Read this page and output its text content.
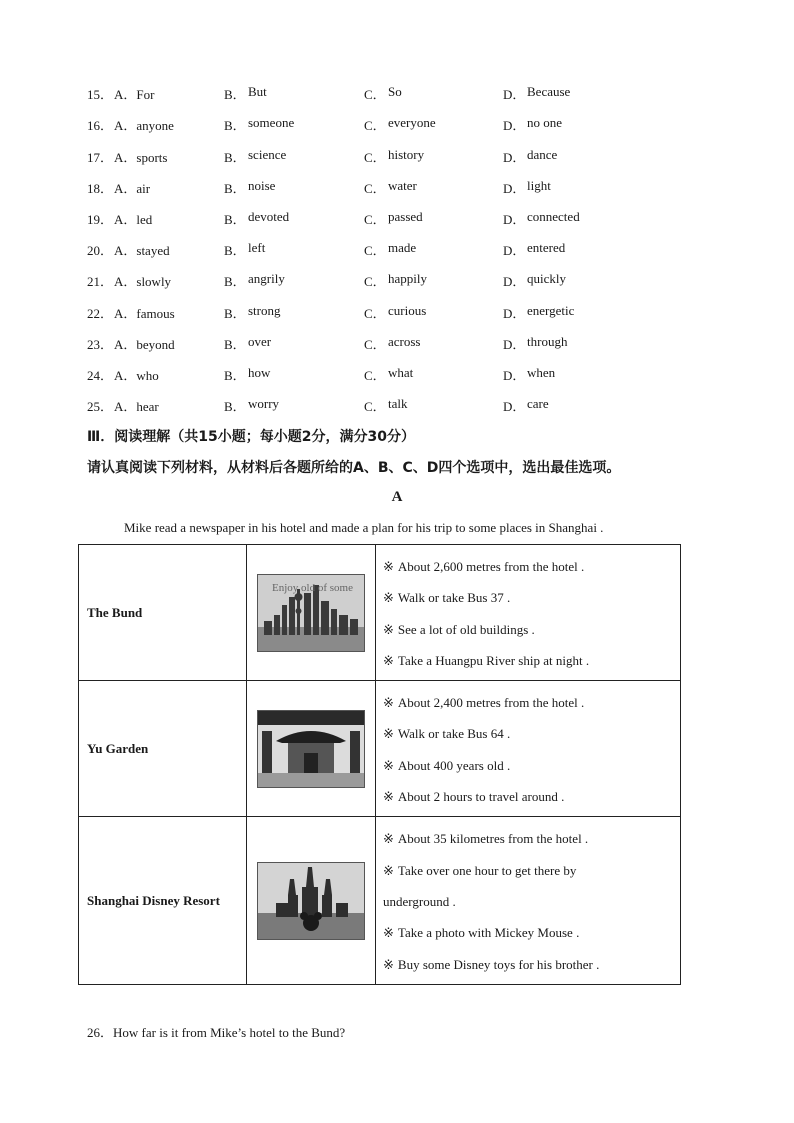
15． A．For	B． But	C． So	D． Because
16． A．anyone	B． someone	C． everyone	D． no one
17． A．sports	B． science	C． history	D． dance
18． A．air	B． noise	C． water	D． light
19． A．led	B． devoted	C． passed	D． connected
20． A．stayed	B． left	C． made	D． entered
21． A．slowly	B． angrily	C． happily	D． quickly
22． A．famous	B． strong	C． curious	D． energetic
23． A．beyond	B． over	C． across	D． through
24． A．who	B． how	C． what	D． when
25． A．hear	B． worry	C． talk	D． care
Ⅲ．阅读理解（共15小题；每小题2分，满分30分）
请认真阅读下列材料，从材料后各题所给的A、B、C、D四个选项中，选出最佳选项。
A
Mike read a newspaper in his hotel and made a plan for his trip to some places in Shanghai .
The Bund	Enjoy old of some	※ About 2,600 metres from the hotel .
※ Walk or take Bus 37 .
※ See a lot of old buildings .
※ Take a Huangpu River ship at night .

Yu Garden		※ About 2,400 metres from the hotel .
※ Walk or take Bus 64 .
※ About 400 years old .
※ About 2 hours to travel around .

Shanghai Disney Resort		※ About 35 kilometres from the hotel .
※ Take over one hour to get there by
underground .
※ Take a photo with Mickey Mouse .
※ Buy some Disney toys for his brother .
26．How far is it from Mike’s hotel to the Bund?
